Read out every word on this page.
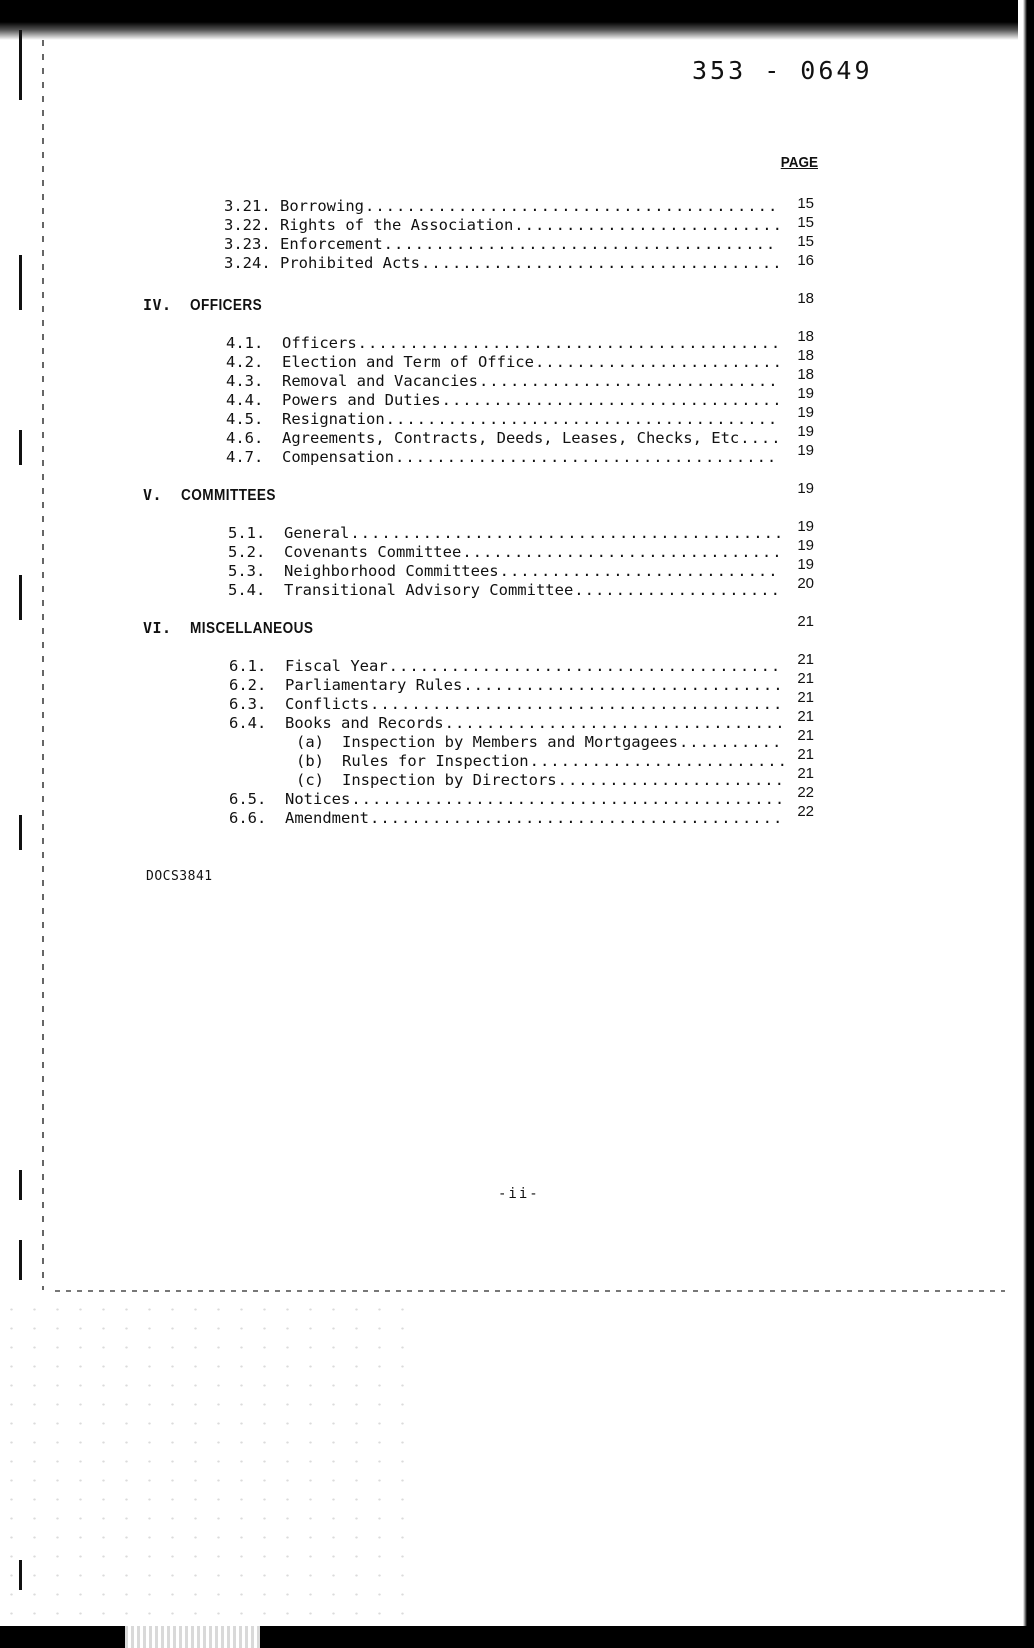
353 - 0649
PAGE
3.21. Borrowing .....	15
3.22. Rights of the Association .....	15
3.23. Enforcement .....	15
3.24. Prohibited Acts .....	16
IV. OFFICERS	18
4.1.	Officers .....	18
4.2.	Election and Term of Office .....	18
4.3.	Removal and Vacancies .....	18
4.4.	Powers and Duties .....	19
4.5.	Resignation .....	19
4.6.	Agreements, Contracts, Deeds, Leases, Checks, Etc .....	19
4.7.	Compensation .....	19
V. COMMITTEES	19
5.1.	General .....	19
5.2.	Covenants Committee .....	19
5.3.	Neighborhood Committees .....	19
5.4.	Transitional Advisory Committee .....	20
VI. MISCELLANEOUS	21
6.1.	Fiscal Year .....	21
6.2.	Parliamentary Rules .....	21
6.3.	Conflicts .....	21
6.4.	Books and Records .....	21
(a)	Inspection by Members and Mortgagees .....	21
(b)	Rules for Inspection .....	21
(c)	Inspection by Directors .....	21
6.5.	Notices .....	22
6.6.	Amendment .....	22
DOCS3841
-ii-
